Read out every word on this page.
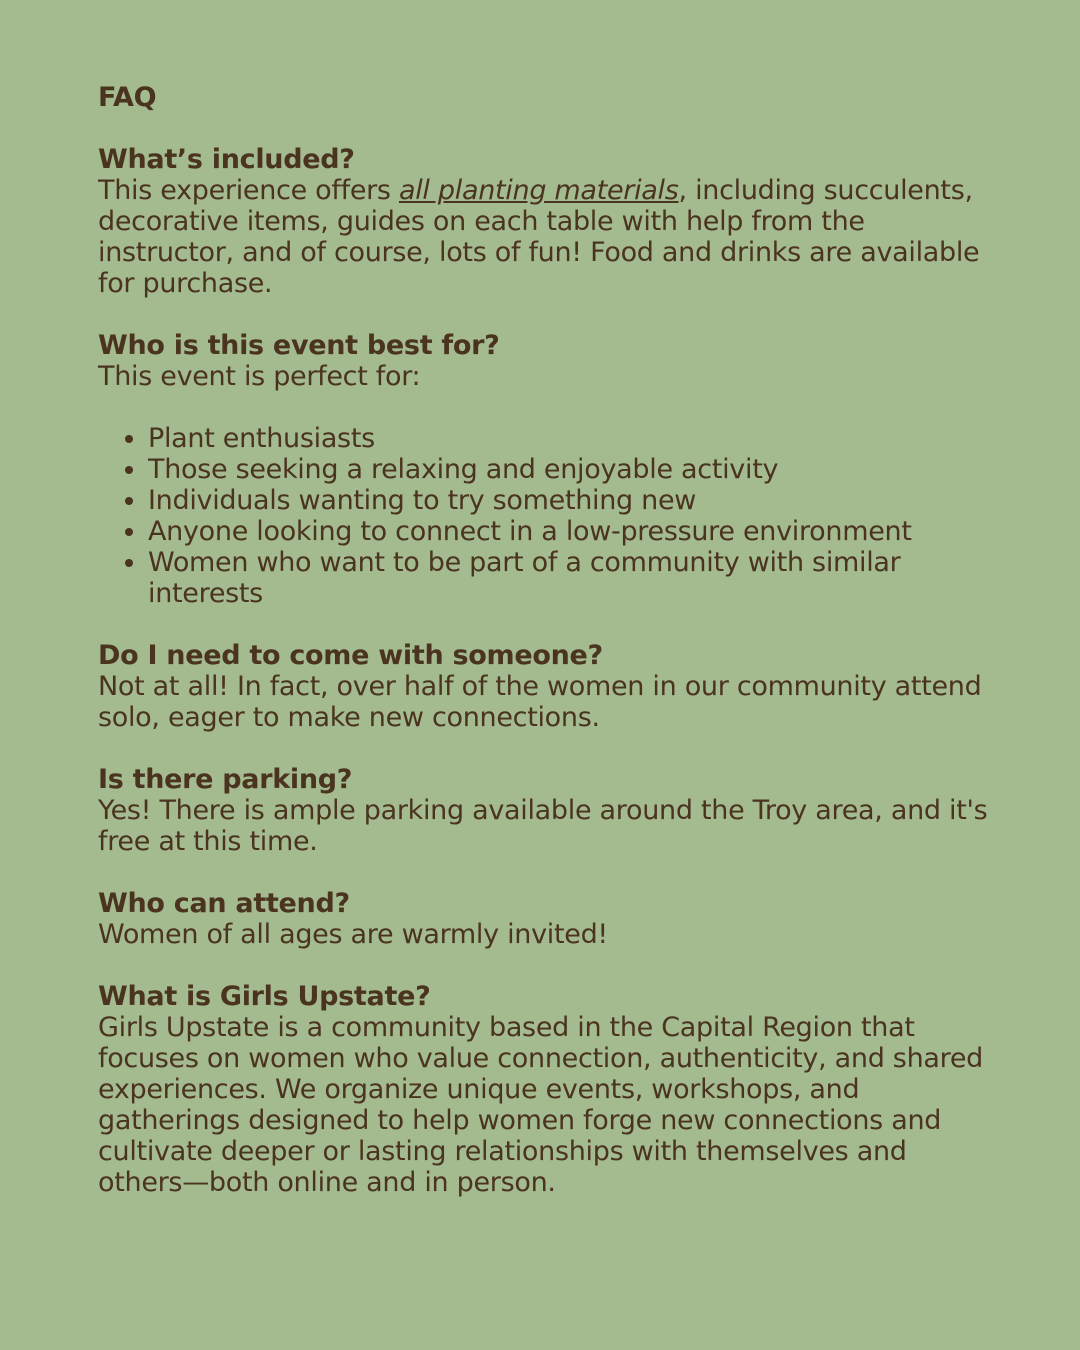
FAQ
What’s included?
This experience offers all planting materials, including succulents, decorative items, guides on each table with help from the instructor, and of course, lots of fun! Food and drinks are available for purchase.
Who is this event best for?
This event is perfect for:
• Plant enthusiasts
• Those seeking a relaxing and enjoyable activity
• Individuals wanting to try something new
• Anyone looking to connect in a low-pressure environment
• Women who want to be part of a community with similar interests
Do I need to come with someone?
Not at all! In fact, over half of the women in our community attend solo, eager to make new connections.
Is there parking?
Yes! There is ample parking available around the Troy area, and it's free at this time.
Who can attend?
Women of all ages are warmly invited!
What is Girls Upstate?
Girls Upstate is a community based in the Capital Region that focuses on women who value connection, authenticity, and shared experiences. We organize unique events, workshops, and gatherings designed to help women forge new connections and cultivate deeper or lasting relationships with themselves and others—both online and in person.
